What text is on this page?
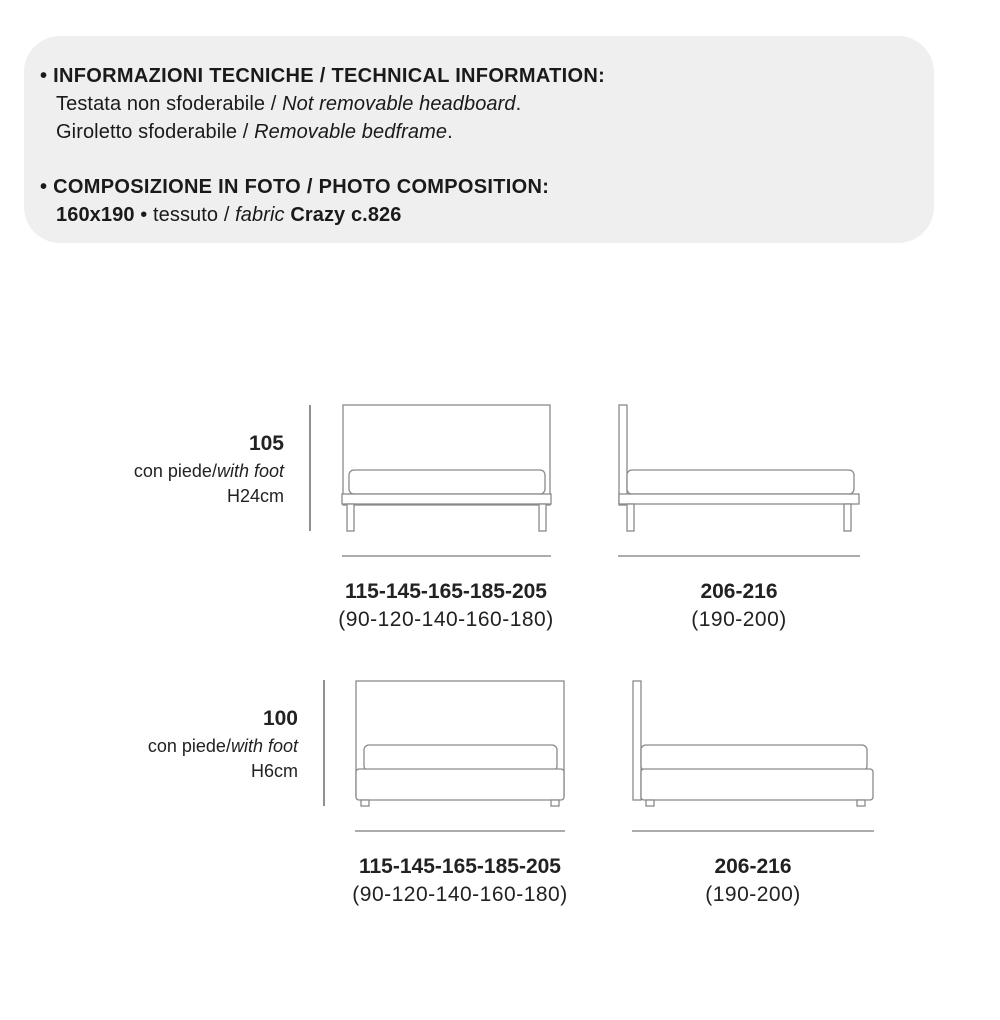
• INFORMAZIONI TECNICHE / TECHNICAL INFORMATION:
Testata non sfoderabile / Not removable headboard.
Giroletto sfoderabile / Removable bedframe.
• COMPOSIZIONE IN FOTO / PHOTO COMPOSITION:
160x190 • tessuto / fabric Crazy c.826
105
con piede/with foot
H24cm
115-145-165-185-205
(90-120-140-160-180)
206-216
(190-200)
100
con piede/with foot
H6cm
115-145-165-185-205
(90-120-140-160-180)
206-216
(190-200)
